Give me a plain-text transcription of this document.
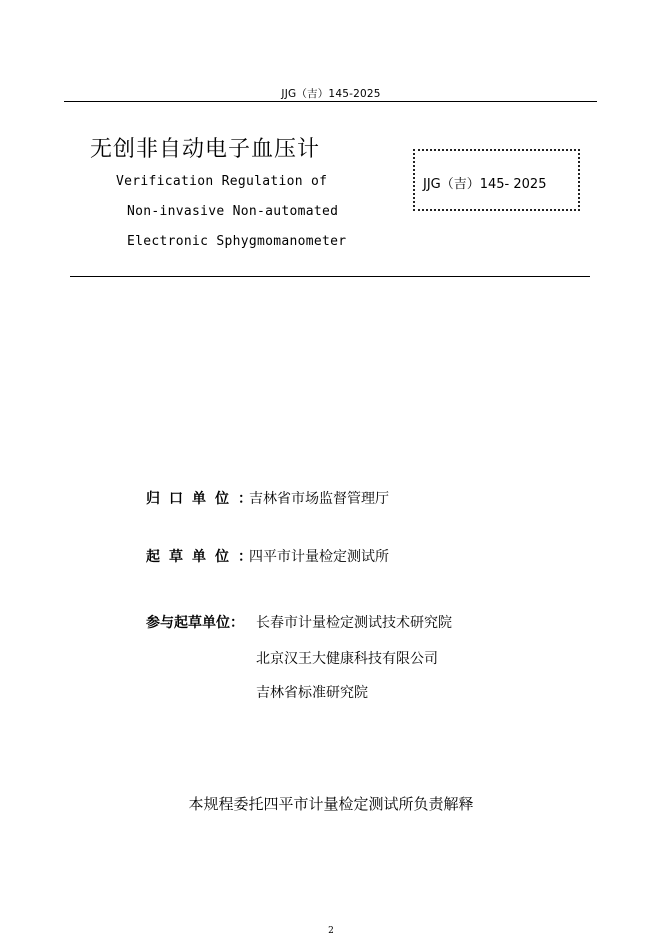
JJG（吉）145-2025
无创非自动电子血压计
Verification Regulation of
Non-invasive Non-automated
Electronic Sphygmomanometer
JJG（吉）145- 2025
归口单位：
吉林省市场监督管理厅
起草单位：
四平市计量检定测试所
参与起草单位： 长春市计量检定测试技术研究院
北京汉王大健康科技有限公司
吉林省标准研究院
本规程委托四平市计量检定测试所负责解释
2
